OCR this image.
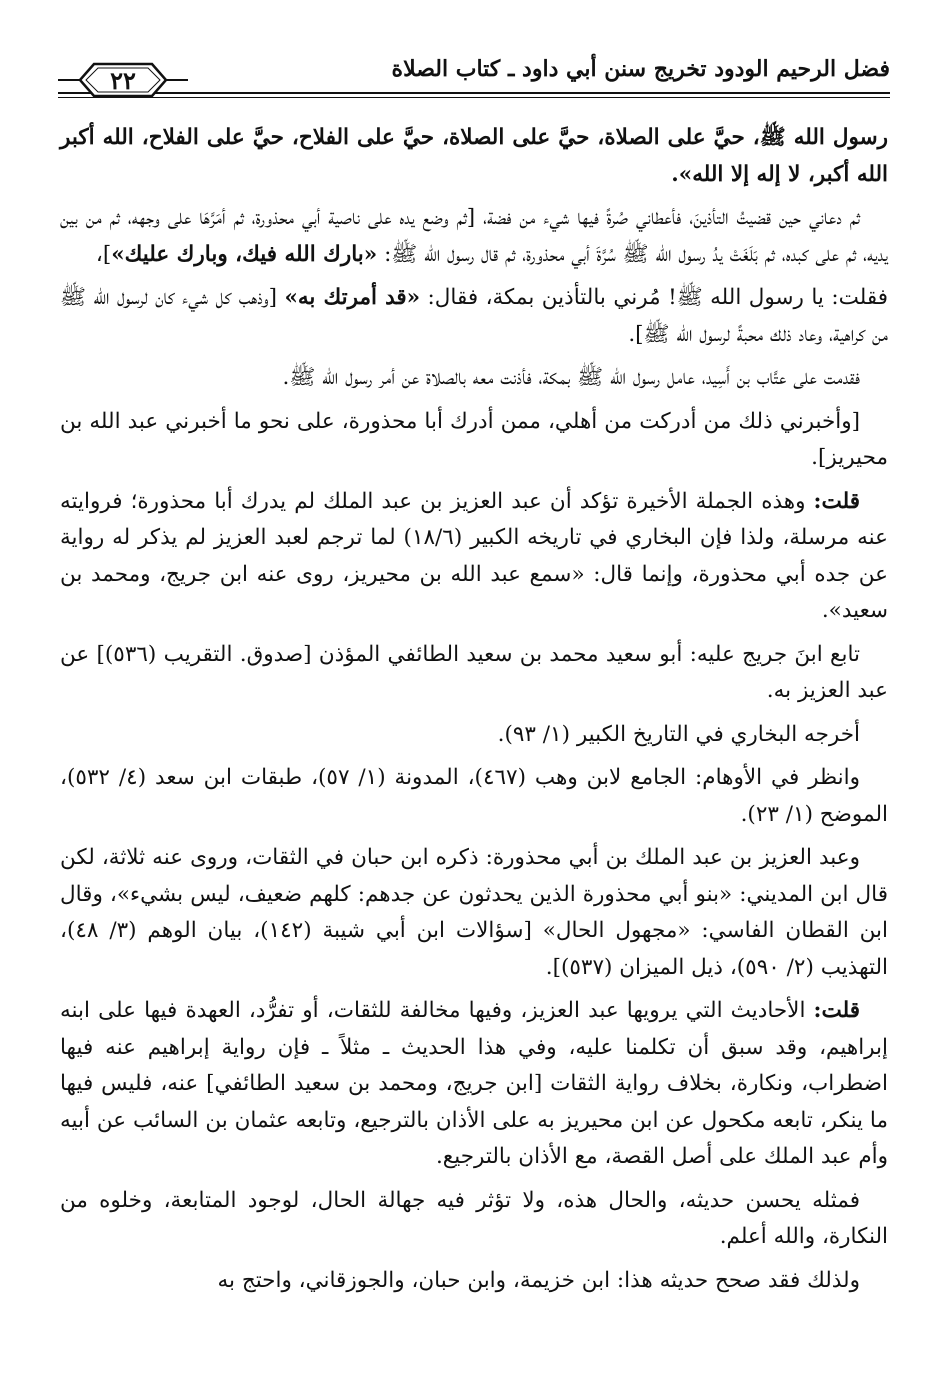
فضل الرحيم الودود تخريج سنن أبي داود ـ كتاب الصلاة
٢٢

رسول الله ﷺ، حيَّ على الصلاة، حيَّ على الصلاة، حيَّ على الفلاح، حيَّ على الفلاح، الله أكبر الله أكبر، لا إله إلا الله».

ثم دعاني حين قضيتُ التأذينَ، فأعطاني صُرةً فيها شيء من فضة، [ثم وضع يده على ناصية أبي محذورة، ثم أمَرَّهَا على وجهه، ثم من بين يديه، ثم على كبده، ثم بَلَغَتْ يدُ رسول الله ﷺ سُرَّةَ أبي محذورة، ثم قال رسول الله ﷺ: «بارك الله فيك، وبارك عليك»]،

فقلت: يا رسول الله ﷺ! مُرني بالتأذين بمكة، فقال: «قد أمرتك به» [وذهب كل شيء كان لرسول الله ﷺ من كراهية، وعاد ذلك محبةً لرسول الله ﷺ].

فقدمت على عتَّاب بن أَسِيد، عامل رسول الله ﷺ بمكة، فأذنت معه بالصلاة عن أمر رسول الله ﷺ.

[وأخبرني ذلك من أدركت من أهلي، ممن أدرك أبا محذورة، على نحو ما أخبرني عبد الله بن محيريز].

قلت: وهذه الجملة الأخيرة تؤكد أن عبد العزيز بن عبد الملك لم يدرك أبا محذورة؛ فروايته عنه مرسلة، ولذا فإن البخاري في تاريخه الكبير (١٨/٦) لما ترجم لعبد العزيز لم يذكر له رواية عن جده أبي محذورة، وإنما قال: «سمع عبد الله بن محيريز، روى عنه ابن جريج، ومحمد بن سعيد».

تابع ابنَ جريج عليه: أبو سعيد محمد بن سعيد الطائفي المؤذن [صدوق. التقريب (٥٣٦)] عن عبد العزيز به.

أخرجه البخاري في التاريخ الكبير (١/ ٩٣).

وانظر في الأوهام: الجامع لابن وهب (٤٦٧)، المدونة (١/ ٥٧)، طبقات ابن سعد (٤/ ٥٣٢)، الموضح (١/ ٢٣).

وعبد العزيز بن عبد الملك بن أبي محذورة: ذكره ابن حبان في الثقات، وروى عنه ثلاثة، لكن قال ابن المديني: «بنو أبي محذورة الذين يحدثون عن جدهم: كلهم ضعيف، ليس بشيء»، وقال ابن القطان الفاسي: «مجهول الحال» [سؤالات ابن أبي شيبة (١٤٢)، بيان الوهم (٣/ ٤٨)، التهذيب (٢/ ٥٩٠)، ذيل الميزان (٥٣٧)].

قلت: الأحاديث التي يرويها عبد العزيز، وفيها مخالفة للثقات، أو تفرُّد، العهدة فيها على ابنه إبراهيم، وقد سبق أن تكلمنا عليه، وفي هذا الحديث ـ مثلاً ـ فإن رواية إبراهيم عنه فيها اضطراب، ونكارة، بخلاف رواية الثقات [ابن جريج، ومحمد بن سعيد الطائفي] عنه، فليس فيها ما ينكر، تابعه مكحول عن ابن محيريز به على الأذان بالترجيع، وتابعه عثمان بن السائب عن أبيه وأم عبد الملك على أصل القصة، مع الأذان بالترجيع.

فمثله يحسن حديثه، والحال هذه، ولا تؤثر فيه جهالة الحال، لوجود المتابعة، وخلوه من النكارة، والله أعلم.

ولذلك فقد صحح حديثه هذا: ابن خزيمة، وابن حبان، والجوزقاني، واحتج به
